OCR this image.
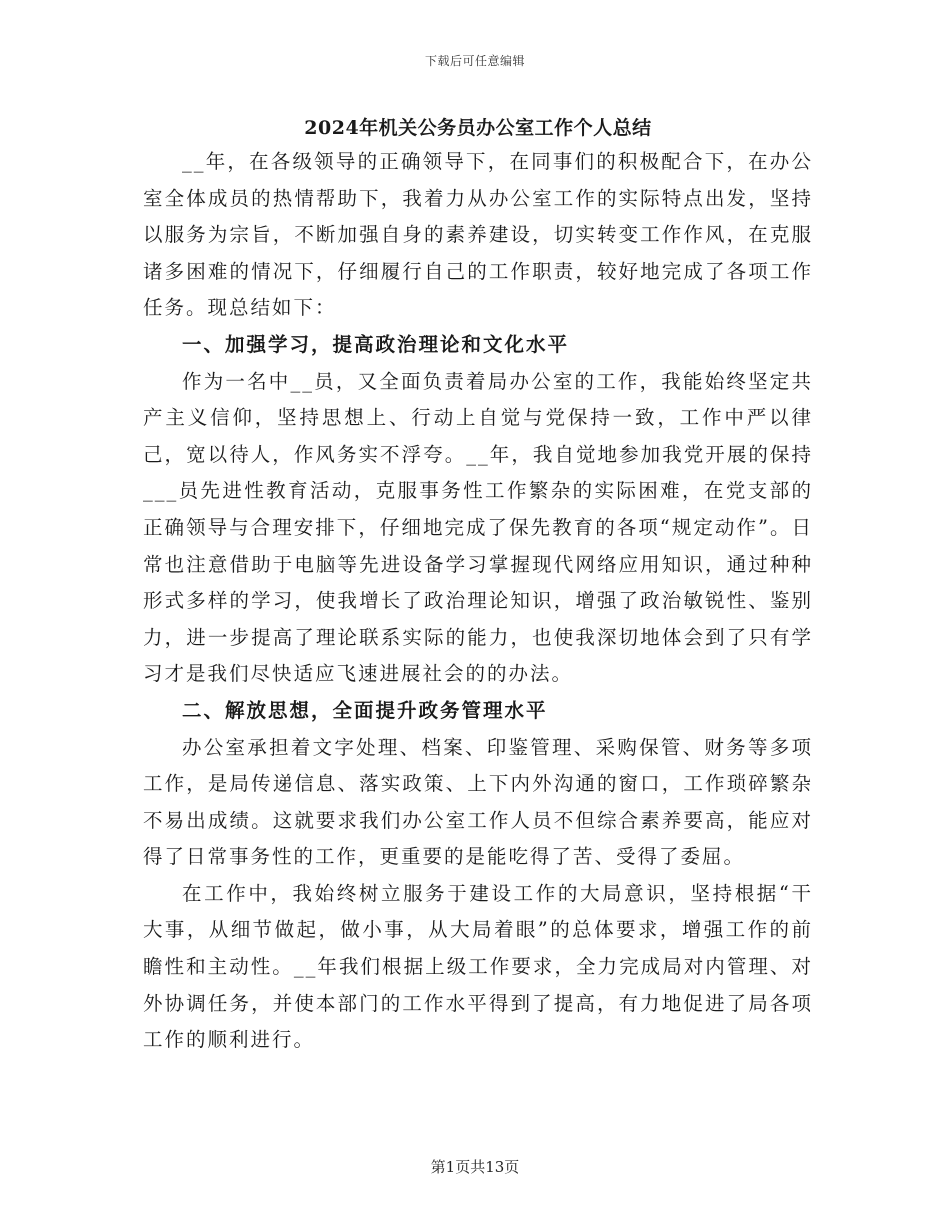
下载后可任意编辑
2024年机关公务员办公室工作个人总结

__年，在各级领导的正确领导下，在同事们的积极配合下，在办公室全体成员的热情帮助下，我着力从办公室工作的实际特点出发，坚持以服务为宗旨，不断加强自身的素养建设，切实转变工作作风，在克服诸多困难的情况下，仔细履行自己的工作职责，较好地完成了各项工作任务。现总结如下：

一、加强学习，提高政治理论和文化水平

作为一名中__员，又全面负责着局办公室的工作，我能始终坚定共产主义信仰，坚持思想上、行动上自觉与党保持一致，工作中严以律己，宽以待人，作风务实不浮夸。__年，我自觉地参加我党开展的保持___员先进性教育活动，克服事务性工作繁杂的实际困难，在党支部的正确领导与合理安排下，仔细地完成了保先教育的各项“规定动作”。日常也注意借助于电脑等先进设备学习掌握现代网络应用知识，通过种种形式多样的学习，使我增长了政治理论知识，增强了政治敏锐性、鉴别力，进一步提高了理论联系实际的能力，也使我深切地体会到了只有学习才是我们尽快适应飞速进展社会的的办法。

二、解放思想，全面提升政务管理水平

办公室承担着文字处理、档案、印鉴管理、采购保管、财务等多项工作，是局传递信息、落实政策、上下内外沟通的窗口，工作琐碎繁杂不易出成绩。这就要求我们办公室工作人员不但综合素养要高，能应对得了日常事务性的工作，更重要的是能吃得了苦、受得了委屈。

在工作中，我始终树立服务于建设工作的大局意识，坚持根据“干大事，从细节做起，做小事，从大局着眼”的总体要求，增强工作的前瞻性和主动性。__年我们根据上级工作要求，全力完成局对内管理、对外协调任务，并使本部门的工作水平得到了提高，有力地促进了局各项工作的顺利进行。

第1页共13页
